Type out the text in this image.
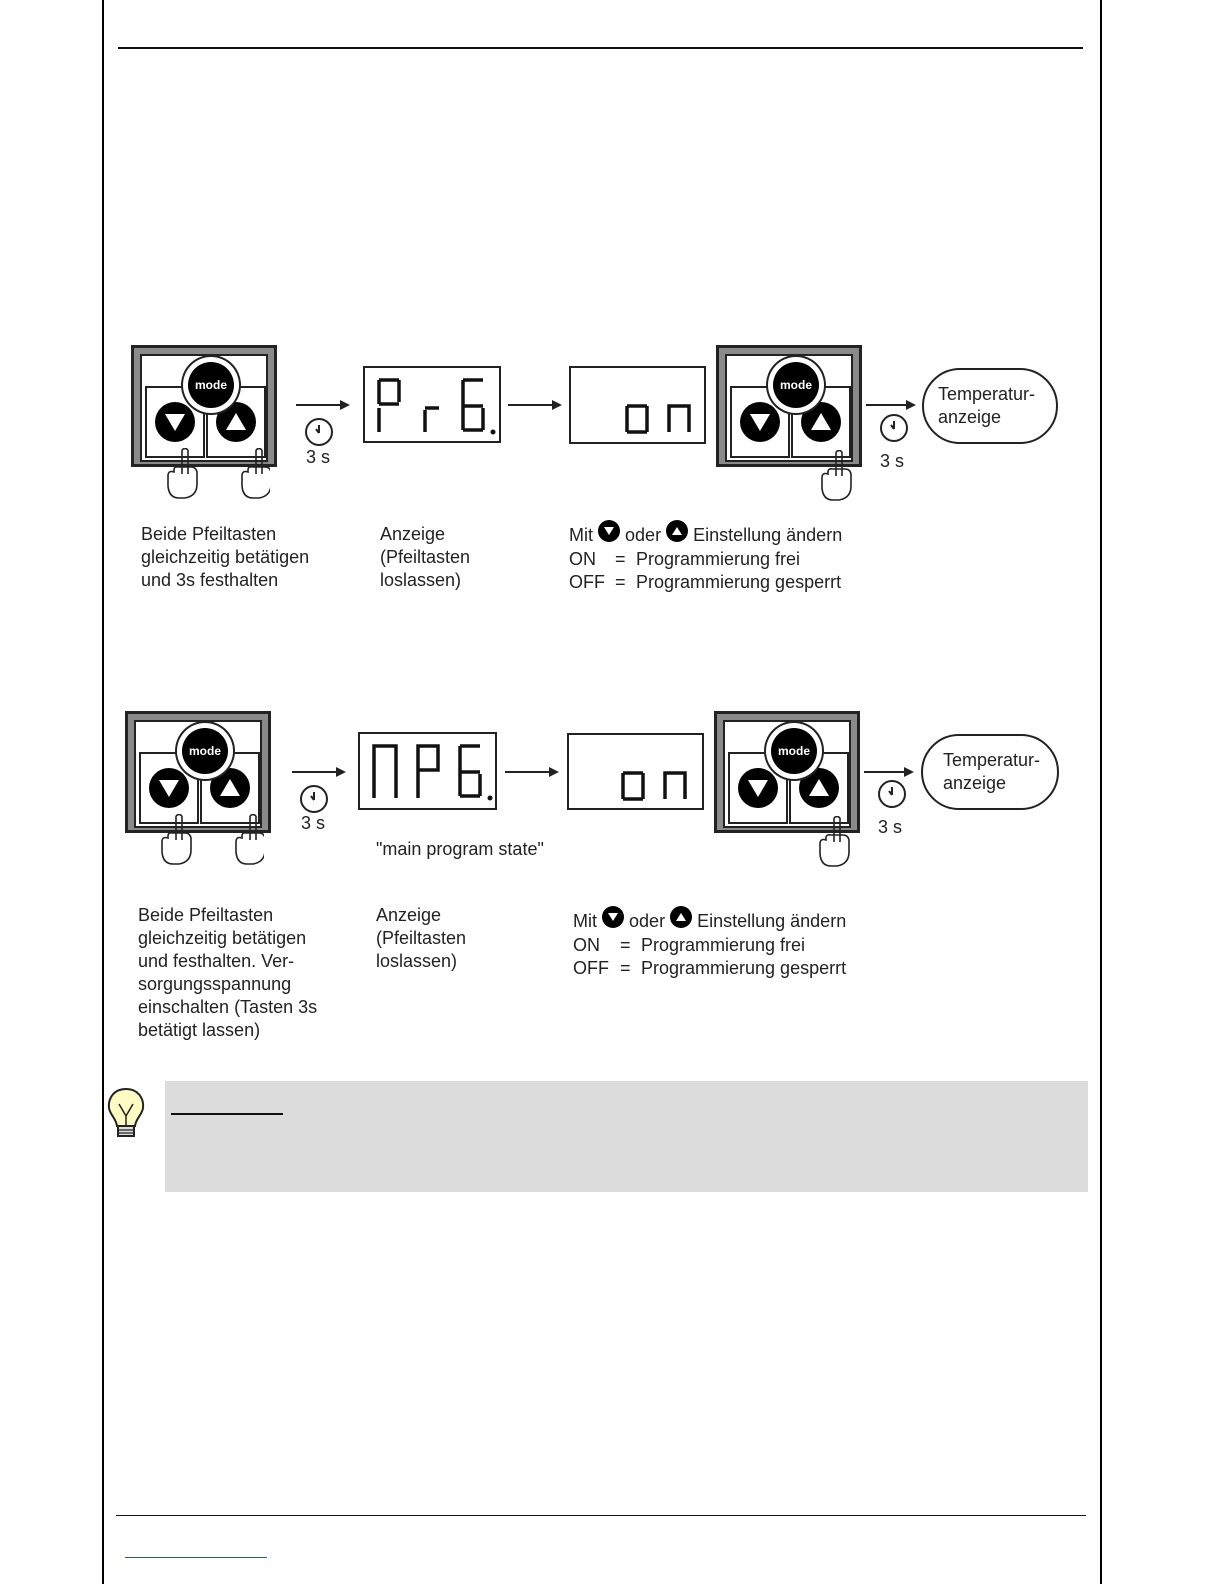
mode
3 s
mode
3 s
Temperatur-
anzeige
Beide Pfeiltasten
gleichzeitig betätigen
und 3s festhalten
Anzeige
(Pfeiltasten
loslassen)
Mit oder Einstellung ändern
ON = Programmierung frei
OFF = Programmierung gesperrt
mode
3 s
"main program state"
mode
3 s
Temperatur-
anzeige
Beide Pfeiltasten
gleichzeitig betätigen
und festhalten. Ver-
sorgungsspannung
einschalten (Tasten 3s
betätigt lassen)
Anzeige
(Pfeiltasten
loslassen)
Mit oder Einstellung ändern
ON = Programmierung frei
OFF = Programmierung gesperrt
